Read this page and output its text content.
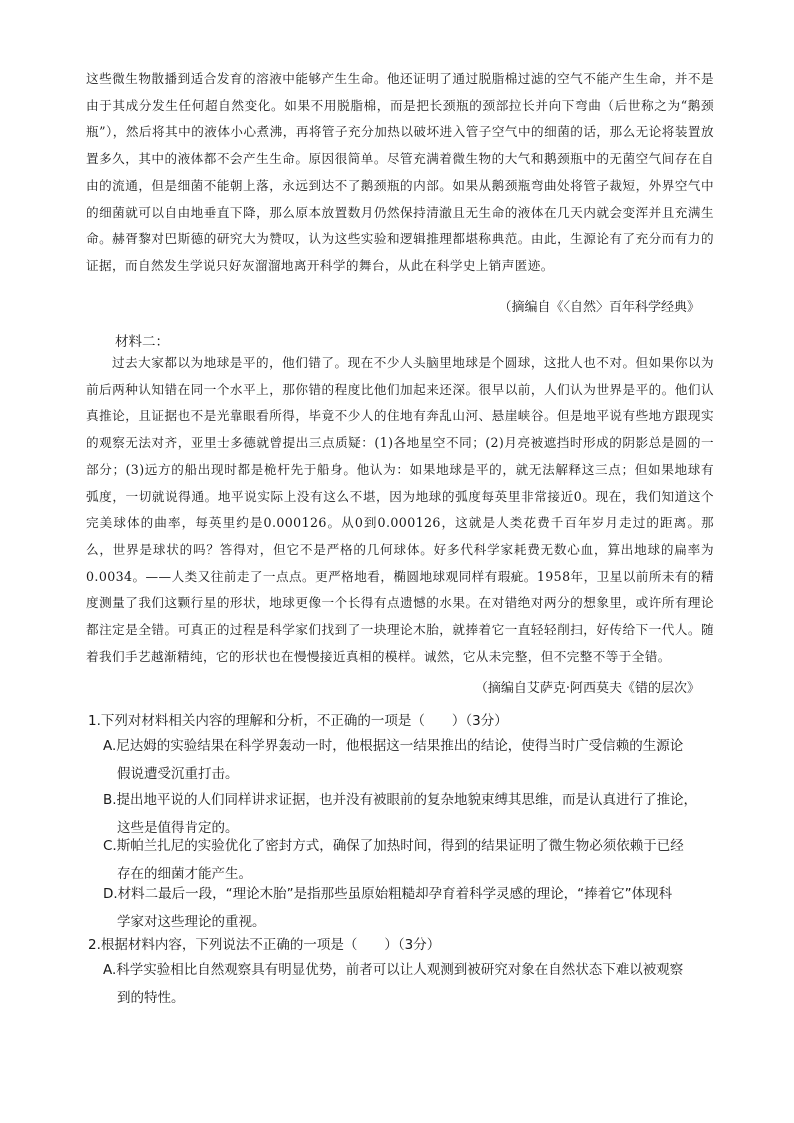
这些微生物散播到适合发育的溶液中能够产生生命。他还证明了通过脱脂棉过滤的空气不能产生生命，并不是由于其成分发生任何超自然变化。如果不用脱脂棉，而是把长颈瓶的颈部拉长并向下弯曲（后世称之为“鹅颈瓶”），然后将其中的液体小心煮沸，再将管子充分加热以破坏进入管子空气中的细菌的话，那么无论将装置放置多久，其中的液体都不会产生生命。原因很简单。尽管充满着微生物的大气和鹅颈瓶中的无菌空气间存在自由的流通，但是细菌不能朝上落，永远到达不了鹅颈瓶的内部。如果从鹅颈瓶弯曲处将管子裁短，外界空气中的细菌就可以自由地垂直下降，那么原本放置数月仍然保持清澈且无生命的液体在几天内就会变浑并且充满生命。赫胥黎对巴斯德的研究大为赞叹，认为这些实验和逻辑推理都堪称典范。由此，生源论有了充分而有力的证据，而自然发生学说只好灰溜溜地离开科学的舞台，从此在科学史上销声匿迹。

（摘编自《〈自然〉百年科学经典》

材料二：

过去大家都以为地球是平的，他们错了。现在不少人头脑里地球是个圆球，这批人也不对。但如果你以为前后两种认知错在同一个水平上，那你错的程度比他们加起来还深。很早以前，人们认为世界是平的。他们认真推论，且证据也不是光靠眼看所得，毕竟不少人的住地有奔乱山河、悬崖峡谷。但是地平说有些地方跟现实的观察无法对齐，亚里士多德就曾提出三点质疑：(1)各地星空不同；(2)月亮被遮挡时形成的阴影总是圆的一部分；(3)远方的船出现时都是桅杆先于船身。他认为：如果地球是平的，就无法解释这三点；但如果地球有弧度，一切就说得通。地平说实际上没有这么不堪，因为地球的弧度每英里非常接近0。现在，我们知道这个完美球体的曲率，每英里约是0.000126。从0到0.000126，这就是人类花费千百年岁月走过的距离。那么，世界是球状的吗？答得对，但它不是严格的几何球体。好多代科学家耗费无数心血，算出地球的扁率为0.0034。——人类又往前走了一点点。更严格地看，椭圆地球观同样有瑕疵。1958年，卫星以前所未有的精度测量了我们这颗行星的形状，地球更像一个长得有点遗憾的水果。在对错绝对两分的想象里，或许所有理论都注定是全错。可真正的过程是科学家们找到了一块理论木胎，就捧着它一直轻轻削扫，好传给下一代人。随着我们手艺越渐精纯，它的形状也在慢慢接近真相的模样。诚然，它从未完整，但不完整不等于全错。

（摘编自艾萨克·阿西莫夫《错的层次》

1.下列对材料相关内容的理解和分析，不正确的一项是（　　）（3分）

A.尼达姆的实验结果在科学界轰动一时，他根据这一结果推出的结论，使得当时广受信赖的生源论
假说遭受沉重打击。

B.提出地平说的人们同样讲求证据，也并没有被眼前的复杂地貌束缚其思维，而是认真进行了推论，
这些是值得肯定的。

C.斯帕兰扎尼的实验优化了密封方式，确保了加热时间，得到的结果证明了微生物必须依赖于已经
存在的细菌才能产生。

D.材料二最后一段，“理论木胎”是指那些虽原始粗糙却孕育着科学灵感的理论，“捧着它”体现科
学家对这些理论的重视。

2.根据材料内容，下列说法不正确的一项是（　　）（3分）

A.科学实验相比自然观察具有明显优势，前者可以让人观测到被研究对象在自然状态下难以被观察
到的特性。
